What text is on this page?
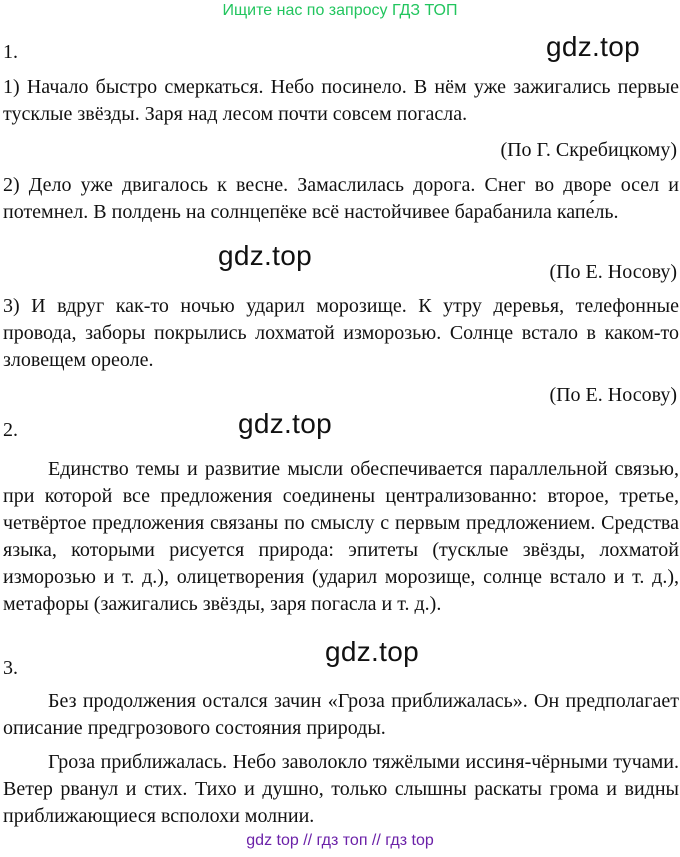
Ищите нас по запросу ГДЗ ТОП
1.	gdz.top
1) Начало быстро смеркаться. Небо посинело. В нём уже зажигались первые тусклые звёзды. Заря над лесом почти совсем погасла.
(По Г. Скребицкому)
2) Дело уже двигалось к весне. Замаслилась дорога. Снег во дворе осел и потемнел. В полдень на солнцепёке всё настойчивее барабанила капе́ль.
gdz.top
(По Е. Носову)
3) И вдруг как-то ночью ударил морозище. К утру деревья, телефонные провода, заборы покрылись лохматой изморозью. Солнце встало в каком-то зловещем ореоле.
(По Е. Носову)
2.	gdz.top
Единство темы и развитие мысли обеспечивается параллельной связью, при которой все предложения соединены централизованно: второе, третье, четвёртое предложения связаны по смыслу с первым предложением. Средства языка, которыми рисуется природа: эпитеты (тусклые звёзды, лохматой изморозью и т. д.), олицетворения (ударил морозище, солнце встало и т. д.), метафоры (зажигались звёзды, заря погасла и т. д.).
3.
gdz.top
Без продолжения остался зачин «Гроза приближалась». Он предполагает описание предгрозового состояния природы.
Гроза приближалась. Небо заволокло тяжёлыми иссиня-чёрными тучами. Ветер рванул и стих. Тихо и душно, только слышны раскаты грома и видны приближающиеся всполохи молнии.
gdz top // гдз топ // гдз top
